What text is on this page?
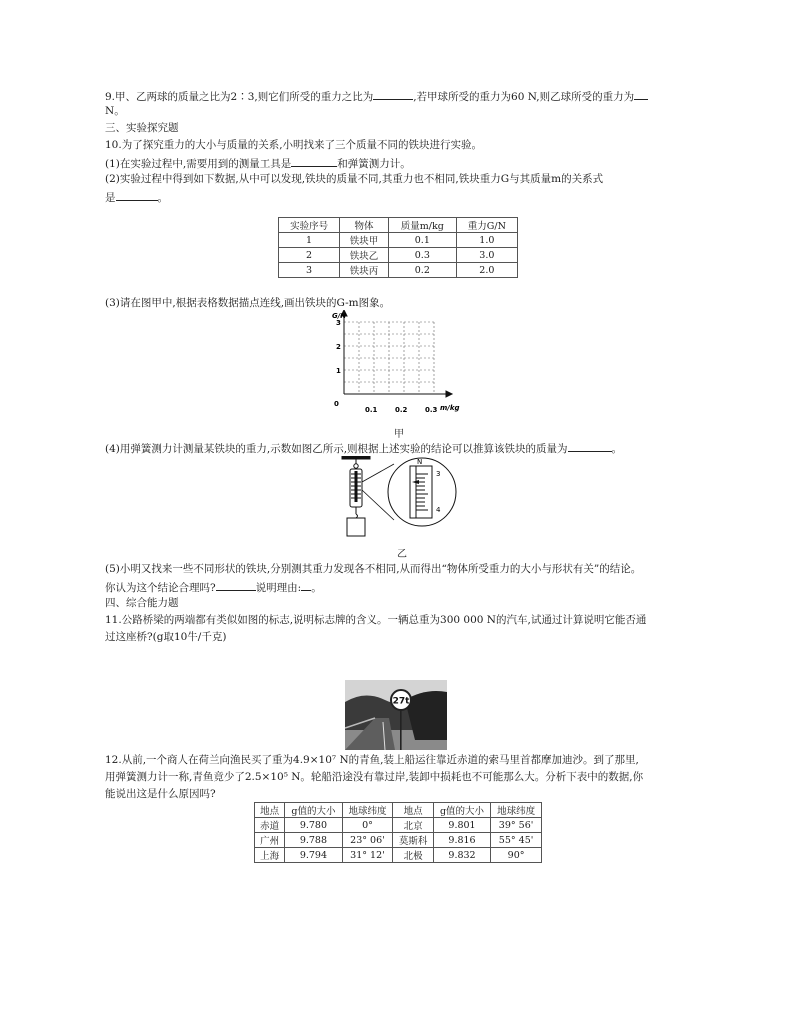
9.甲、乙两球的质量之比为2∶3,则它们所受的重力之比为	,若甲球所受的重力为60 N,则乙球所受的重力为
N。
三、实验探究题
10.为了探究重力的大小与质量的关系,小明找来了三个质量不同的铁块进行实验。
(1)在实验过程中,需要用到的测量工具是	和弹簧测力计。
(2)实验过程中得到如下数据,从中可以发现,铁块的质量不同,其重力也不相同,铁块重力G与其质量m的关系式
是	。
实验序号	物体	质量m/kg	重力G/N
1	铁块甲	0.1	1.0
2	铁块乙	0.3	3.0
3	铁块丙	0.2	2.0
(3)请在图甲中,根据表格数据描点连线,画出铁块的G-m图象。
G/N
m/kg
0
1
2
3
0.1	0.2	0.3
甲
(4)用弹簧测力计测量某铁块的重力,示数如图乙所示,则根据上述实验的结论可以推算该铁块的质量为	。
N
3
4
乙
(5)小明又找来一些不同形状的铁块,分别测其重力发现各不相同,从而得出“物体所受重力的大小与形状有关”的结论。
你认为这个结论合理吗?	说明理由: 。
四、综合能力题
11.公路桥梁的两端都有类似如图的标志,说明标志牌的含义。一辆总重为300 000 N的汽车,试通过计算说明它能否通
过这座桥?(g取10牛/千克)
27t
12.从前,一个商人在荷兰向渔民买了重为4.9×10⁷ N的青鱼,装上船运往靠近赤道的索马里首都摩加迪沙。到了那里,
用弹簧测力计一称,青鱼竟少了2.5×10⁵ N。轮船沿途没有靠过岸,装卸中损耗也不可能那么大。分析下表中的数据,你
能说出这是什么原因吗?
地点	g值的大小	地球纬度	地点	g值的大小	地球纬度
赤道	9.780	0°	北京	9.801	39° 56'
广州	9.788	23° 06'	莫斯科	9.816	55° 45'
上海	9.794	31° 12'	北极	9.832	90°
